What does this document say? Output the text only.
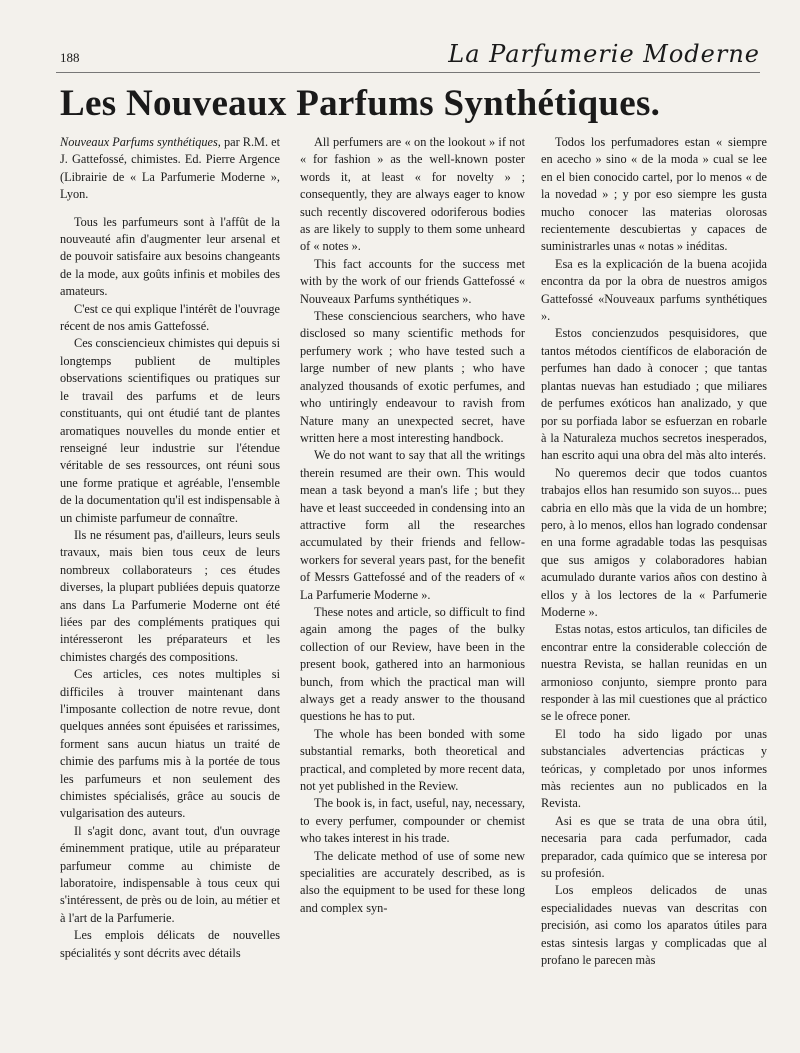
188	La Parfumerie Moderne
Les Nouveaux Parfums Synthétiques.

Nouveaux Parfums synthétiques, par R.M. et J. Gattefossé, chimistes. Ed. Pierre Argence (Librairie de « La Parfumerie Moderne », Lyon.

Tous les parfumeurs sont à l'affût de la nouveauté afin d'augmenter leur arsenal et de pouvoir satisfaire aux besoins changeants de la mode, aux goûts infinis et mobiles des amateurs.

C'est ce qui explique l'intérêt de l'ouvrage récent de nos amis Gattefossé.

Ces consciencieux chimistes qui depuis si longtemps publient de multiples observations scientifiques ou pratiques sur le travail des parfums et de leurs constituants, qui ont étudié tant de plantes aromatiques nouvelles du monde entier et renseigné leur industrie sur l'étendue véritable de ses ressources, ont réuni sous une forme pratique et agréable, l'ensemble de la documentation qu'il est indispensable à un chimiste parfumeur de connaître.

Ils ne résument pas, d'ailleurs, leurs seuls travaux, mais bien tous ceux de leurs nombreux collaborateurs ; ces études diverses, la plupart publiées depuis quatorze ans dans La Parfumerie Moderne ont été liées par des compléments pratiques qui intéresseront les préparateurs et les chimistes chargés des compositions.

Ces articles, ces notes multiples si difficiles à trouver maintenant dans l'imposante collection de notre revue, dont quelques années sont épuisées et rarissimes, forment sans aucun hiatus un traité de chimie des parfums mis à la portée de tous les parfumeurs et non seulement des chimistes spécialisés, grâce au soucis de vulgarisation des auteurs.

Il s'agit donc, avant tout, d'un ouvrage éminemment pratique, utile au préparateur parfumeur comme au chimiste de laboratoire, indispensable à tous ceux qui s'intéressent, de près ou de loin, au métier et à l'art de la Parfumerie.

Les emplois délicats de nouvelles spécialités y sont décrits avec détails

All perfumers are « on the lookout » if not « for fashion » as the well-known poster words it, at least « for novelty » ; consequently, they are always eager to know such recently discovered odoriferous bodies as are likely to supply to them some unheard of « notes ».

This fact accounts for the success met with by the work of our friends Gattefossé « Nouveaux Parfums synthétiques ».

These consciencious searchers, who have disclosed so many scientific methods for perfumery work ; who have tested such a large number of new plants ; who have analyzed thousands of exotic perfumes, and who untiringly endeavour to ravish from Nature many an unexpected secret, have written here a most interesting handbock.

We do not want to say that all the writings therein resumed are their own. This would mean a task beyond a man's life ; but they have et least succeeded in condensing into an attractive form all the researches accumulated by their friends and fellow-workers for several years past, for the benefit of Messrs Gattefossé and of the readers of « La Parfumerie Moderne ».

These notes and article, so difficult to find again among the pages of the bulky collection of our Review, have been in the present book, gathered into an harmonious bunch, from which the practical man will always get a ready answer to the thousand questions he has to put.

The whole has been bonded with some substantial remarks, both theoretical and practical, and completed by more recent data, not yet published in the Review.

The book is, in fact, useful, nay, necessary, to every perfumer, compounder or chemist who takes interest in his trade.

The delicate method of use of some new specialities are accurately described, as is also the equipment to be used for these long and complex syn-

Todos los perfumadores estan « siempre en acecho » sino « de la moda » cual se lee en el bien conocido cartel, por lo menos « de la novedad » ; y por eso siempre les gusta mucho conocer las materias olorosas recientemente descubiertas y capaces de suministrarles unas « notas » inéditas.

Esa es la explicación de la buena acojida encontra da por la obra de nuestros amigos Gattefossé «Nouveaux parfums synthétiques ».

Estos concienzudos pesquisidores, que tantos métodos científicos de elaboración de perfumes han dado à conocer ; que tantas plantas nuevas han estudiado ; que miliares de perfumes exóticos han analizado, y que por su porfiada labor se esfuerzan en robarle à la Naturaleza muchos secretos inesperados, han escrito aqui una obra del màs alto interés.

No queremos decir que todos cuantos trabajos ellos han resumido son suyos... pues cabria en ello màs que la vida de un hombre; pero, à lo menos, ellos han logrado condensar en una forme agradable todas las pesquisas que sus amigos y colaboradores habian acumulado durante varios años con destino à ellos y à los lectores de la « Parfumerie Moderne ».

Estas notas, estos articulos, tan dificiles de encontrar entre la considerable colección de nuestra Revista, se hallan reunidas en un armonioso conjunto, siempre pronto para responder à las mil cuestiones que al práctico se le ofrece poner.

El todo ha sido ligado por unas substanciales advertencias prácticas y teóricas, y completado por unos informes màs recientes aun no publicados en la Revista.

Asi es que se trata de una obra útil, necesaria para cada perfumador, cada preparador, cada químico que se interesa por su profesión.

Los empleos delicados de unas especialidades nuevas van descritas con precisión, asi como los aparatos útiles para estas sintesis largas y complicadas que al profano le parecen màs
